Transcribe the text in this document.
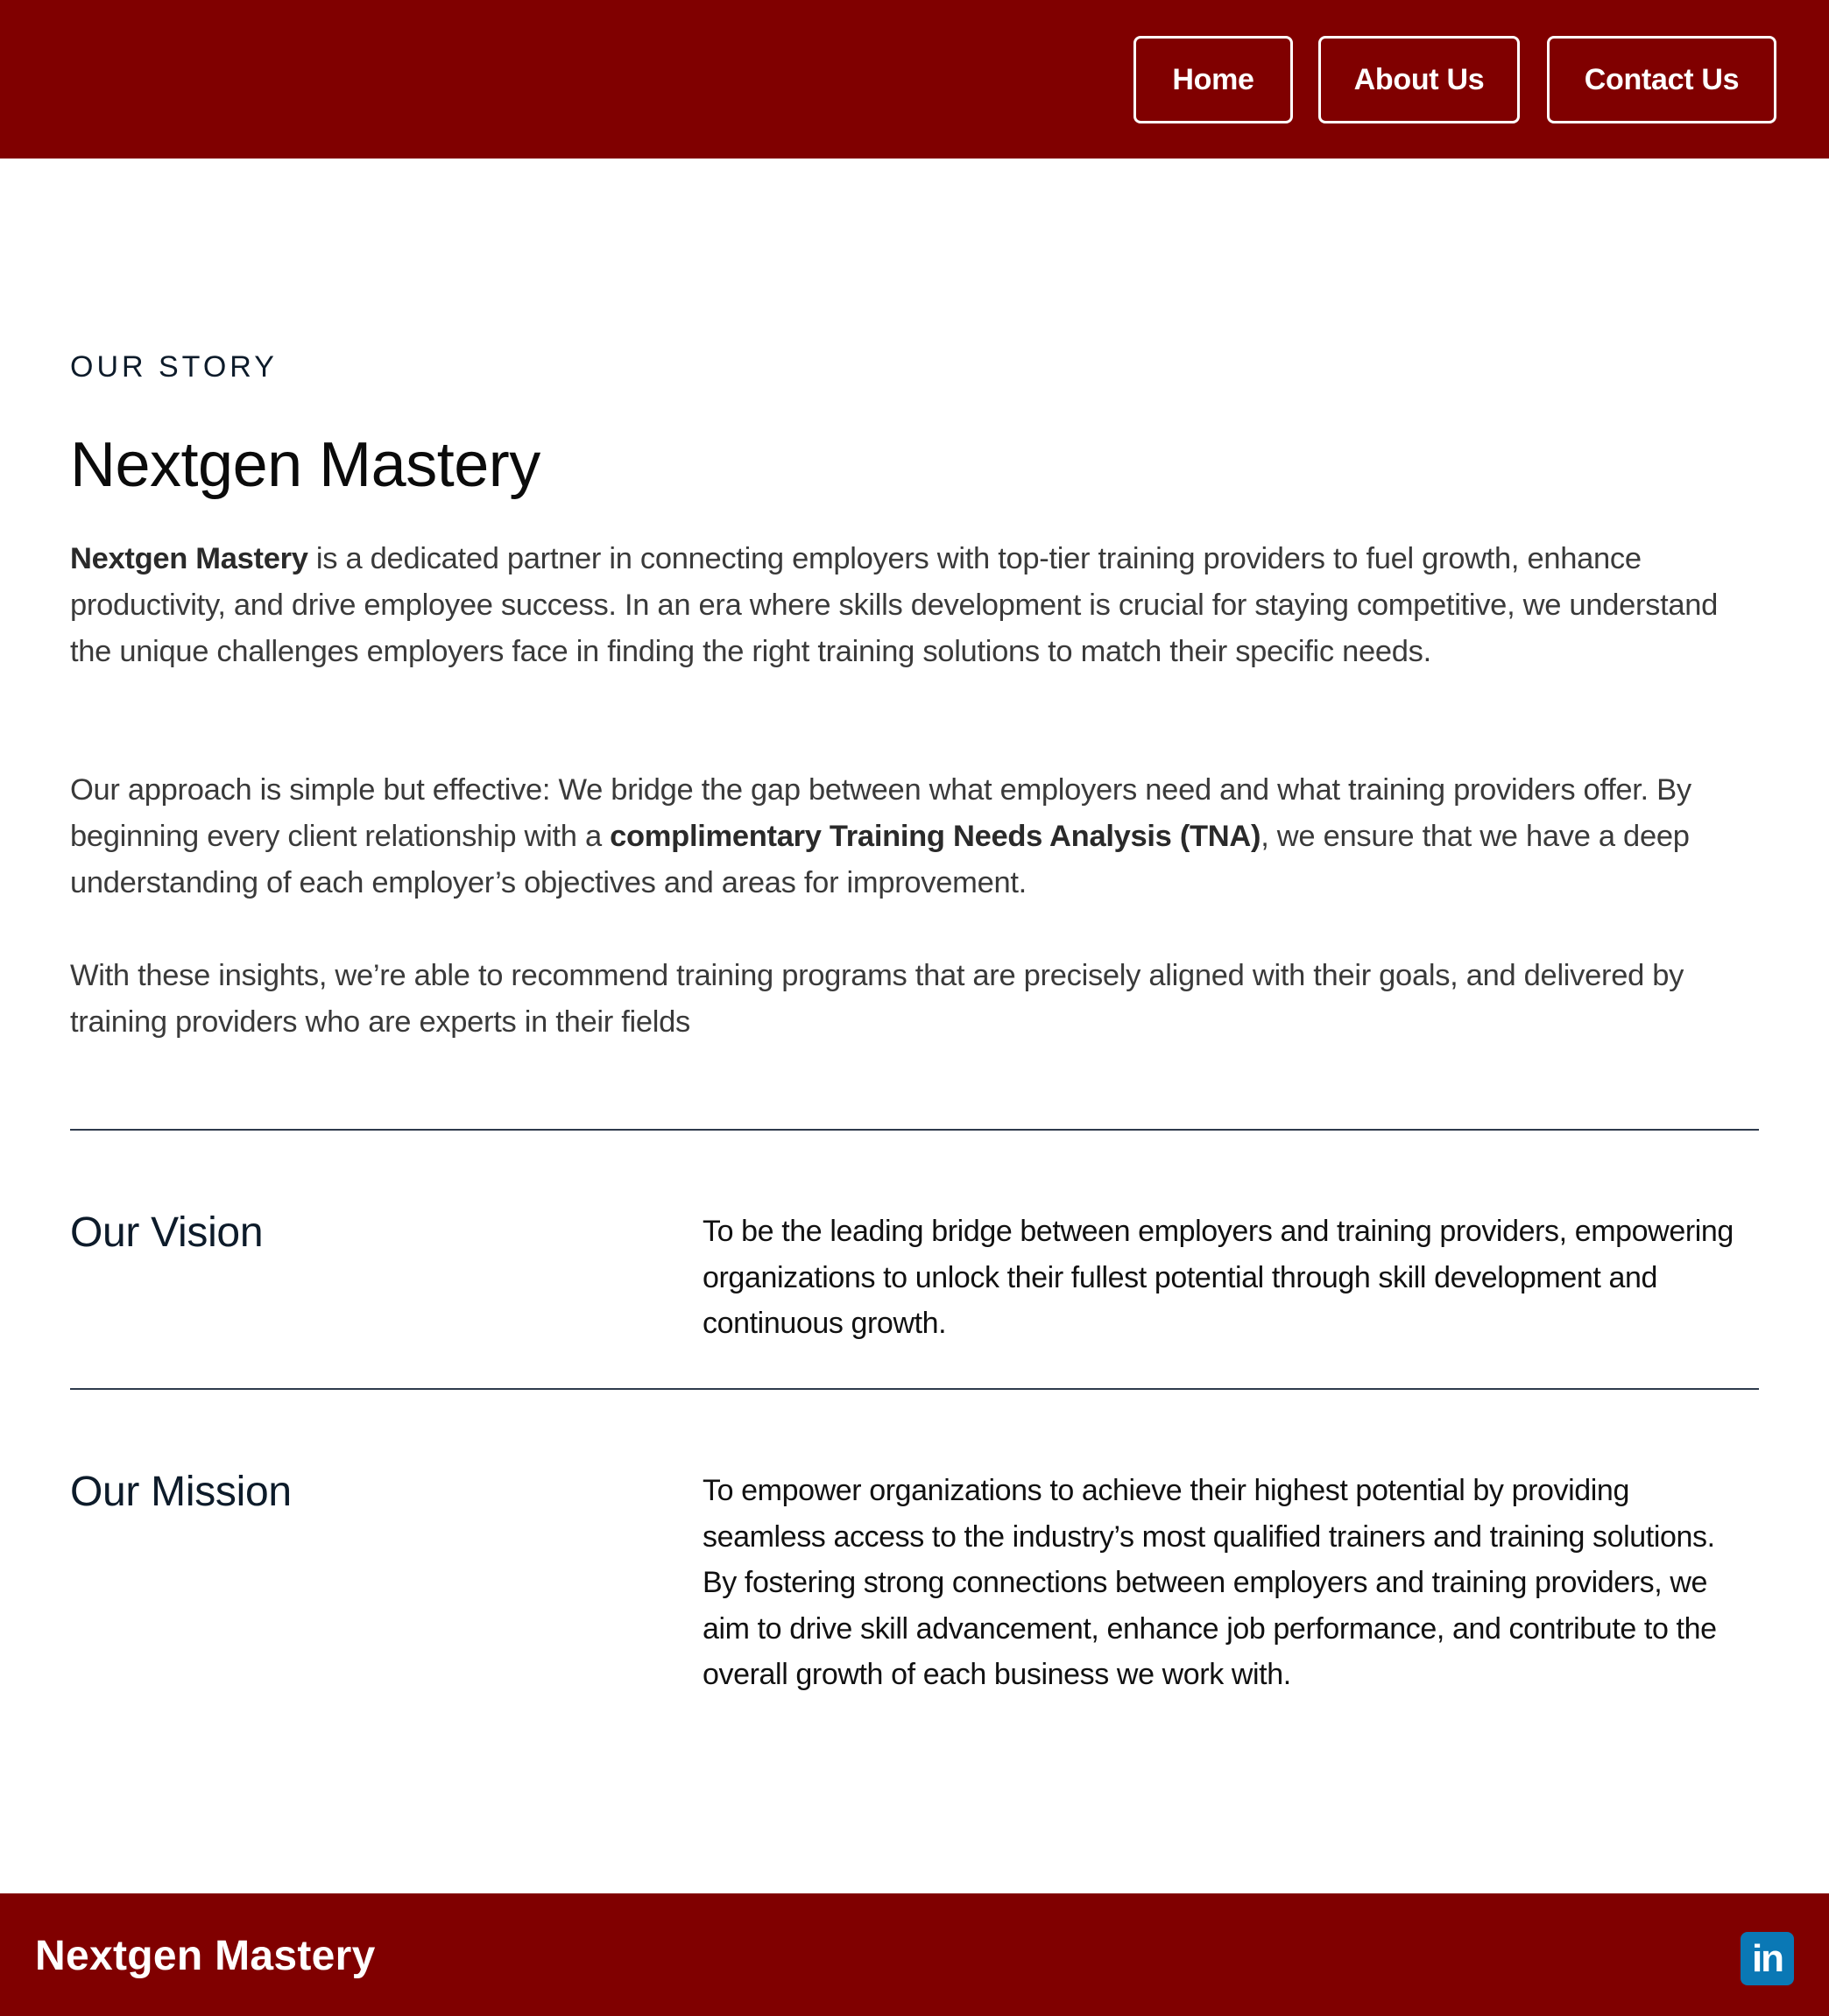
Home	About Us	Contact Us
OUR STORY
Nextgen Mastery
Nextgen Mastery is a dedicated partner in connecting employers with top-tier training providers to fuel growth, enhance productivity, and drive employee success. In an era where skills development is crucial for staying competitive, we understand the unique challenges employers face in finding the right training solutions to match their specific needs.
Our approach is simple but effective: We bridge the gap between what employers need and what training providers offer. By beginning every client relationship with a complimentary Training Needs Analysis (TNA), we ensure that we have a deep understanding of each employer’s objectives and areas for improvement.
With these insights, we’re able to recommend training programs that are precisely aligned with their goals, and delivered by training providers who are experts in their fields
Our Vision	To be the leading bridge between employers and training providers, empowering organizations to unlock their fullest potential through skill development and continuous growth.
Our Mission	To empower organizations to achieve their highest potential by providing seamless access to the industry’s most qualified trainers and training solutions. By fostering strong connections between employers and training providers, we aim to drive skill advancement, enhance job performance, and contribute to the overall growth of each business we work with.
Nextgen Mastery	in
